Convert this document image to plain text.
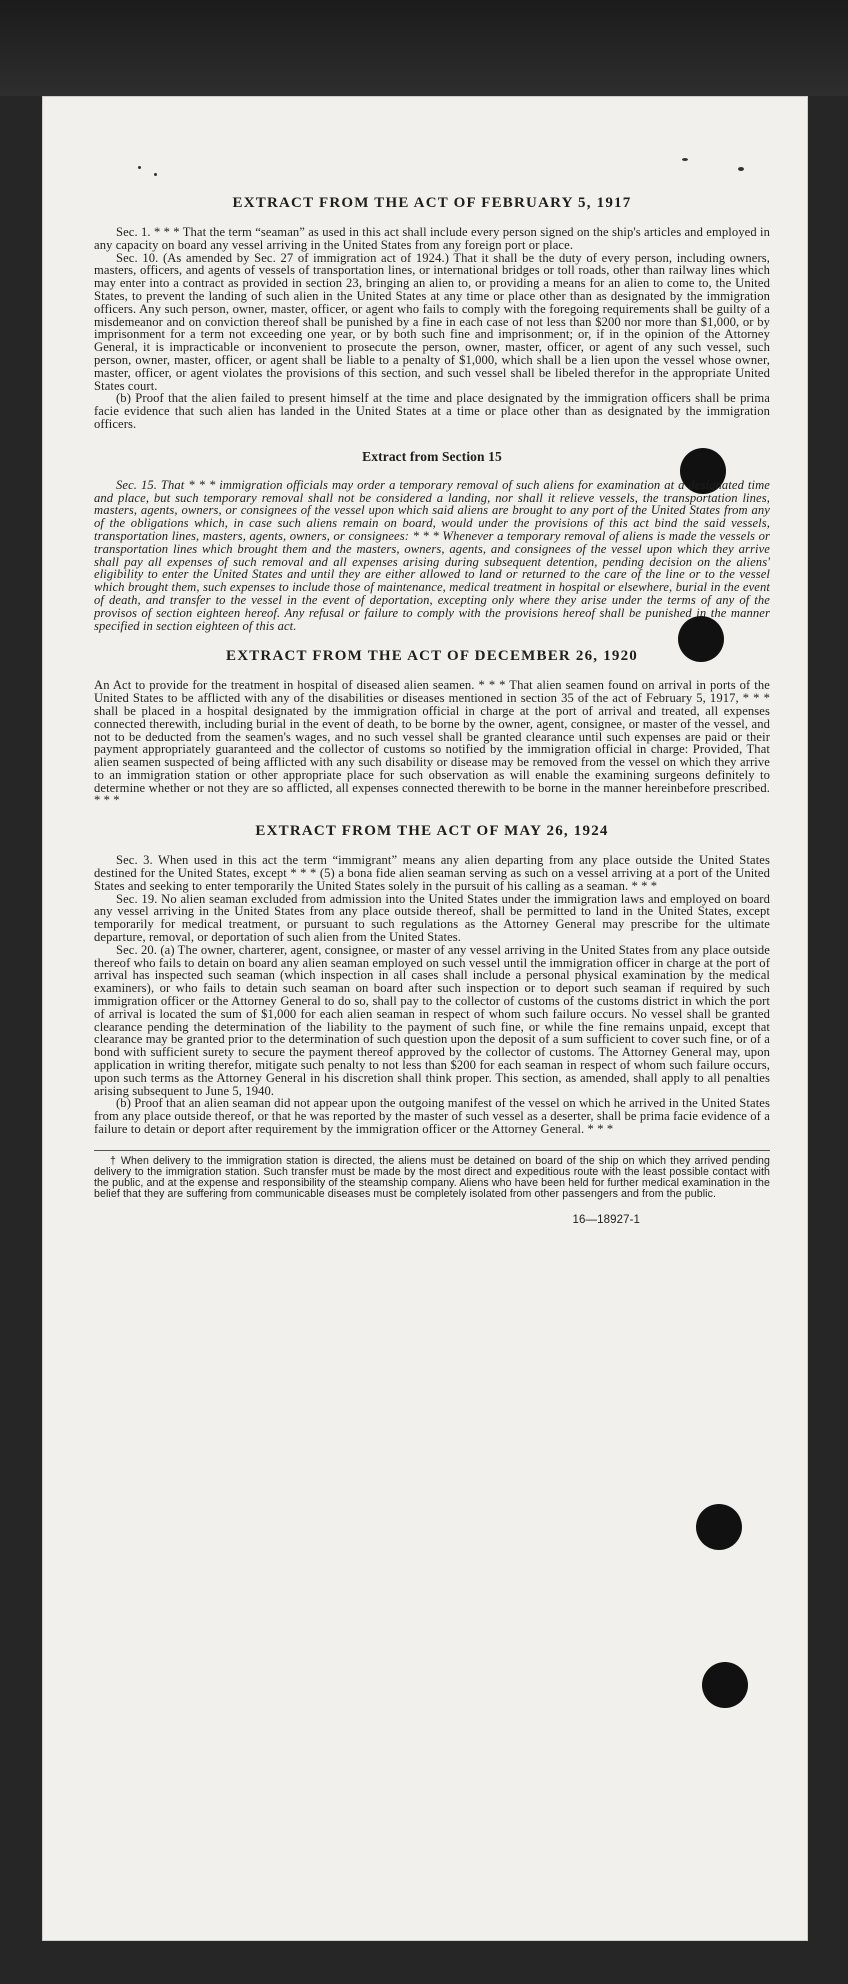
EXTRACT FROM THE ACT OF FEBRUARY 5, 1917

Sec. 1. * * * That the term “seaman” as used in this act shall include every person signed on the ship's articles and employed in any capacity on board any vessel arriving in the United States from any foreign port or place.

Sec. 10. (As amended by Sec. 27 of immigration act of 1924.) That it shall be the duty of every person, including owners, masters, officers, and agents of vessels of transportation lines, or international bridges or toll roads, other than railway lines which may enter into a contract as provided in section 23, bringing an alien to, or providing a means for an alien to come to, the United States, to prevent the landing of such alien in the United States at any time or place other than as designated by the immigration officers. Any such person, owner, master, officer, or agent who fails to comply with the foregoing requirements shall be guilty of a misdemeanor and on conviction thereof shall be punished by a fine in each case of not less than $200 nor more than $1,000, or by imprisonment for a term not exceeding one year, or by both such fine and imprisonment; or, if in the opinion of the Attorney General, it is impracticable or inconvenient to prosecute the person, owner, master, officer, or agent of any such vessel, such person, owner, master, officer, or agent shall be liable to a penalty of $1,000, which shall be a lien upon the vessel whose owner, master, officer, or agent violates the provisions of this section, and such vessel shall be libeled therefor in the appropriate United States court.

(b) Proof that the alien failed to present himself at the time and place designated by the immigration officers shall be prima facie evidence that such alien has landed in the United States at a time or place other than as designated by the immigration officers.

Extract from Section 15

Sec. 15. That * * * immigration officials may order a temporary removal of such aliens for examination at a designated time and place, but such temporary removal shall not be considered a landing, nor shall it relieve vessels, the transportation lines, masters, agents, owners, or consignees of the vessel upon which said aliens are brought to any port of the United States from any of the obligations which, in case such aliens remain on board, would under the provisions of this act bind the said vessels, transportation lines, masters, agents, owners, or consignees: * * * Whenever a temporary removal of aliens is made the vessels or transportation lines which brought them and the masters, owners, agents, and consignees of the vessel upon which they arrive shall pay all expenses of such removal and all expenses arising during subsequent detention, pending decision on the aliens' eligibility to enter the United States and until they are either allowed to land or returned to the care of the line or to the vessel which brought them, such expenses to include those of maintenance, medical treatment in hospital or elsewhere, burial in the event of death, and transfer to the vessel in the event of deportation, excepting only where they arise under the terms of any of the provisos of section eighteen hereof. Any refusal or failure to comply with the provisions hereof shall be punished in the manner specified in section eighteen of this act.

EXTRACT FROM THE ACT OF DECEMBER 26, 1920

An Act to provide for the treatment in hospital of diseased alien seamen. * * * That alien seamen found on arrival in ports of the United States to be afflicted with any of the disabilities or diseases mentioned in section 35 of the act of February 5, 1917, * * * shall be placed in a hospital designated by the immigration official in charge at the port of arrival and treated, all expenses connected therewith, including burial in the event of death, to be borne by the owner, agent, consignee, or master of the vessel, and not to be deducted from the seamen's wages, and no such vessel shall be granted clearance until such expenses are paid or their payment appropriately guaranteed and the collector of customs so notified by the immigration official in charge: Provided, That alien seamen suspected of being afflicted with any such disability or disease may be removed from the vessel on which they arrive to an immigration station or other appropriate place for such observation as will enable the examining surgeons definitely to determine whether or not they are so afflicted, all expenses connected therewith to be borne in the manner hereinbefore prescribed. * * *

EXTRACT FROM THE ACT OF MAY 26, 1924

Sec. 3. When used in this act the term “immigrant” means any alien departing from any place outside the United States destined for the United States, except * * * (5) a bona fide alien seaman serving as such on a vessel arriving at a port of the United States and seeking to enter temporarily the United States solely in the pursuit of his calling as a seaman. * * *

Sec. 19. No alien seaman excluded from admission into the United States under the immigration laws and employed on board any vessel arriving in the United States from any place outside thereof, shall be permitted to land in the United States, except temporarily for medical treatment, or pursuant to such regulations as the Attorney General may prescribe for the ultimate departure, removal, or deportation of such alien from the United States.

Sec. 20. (a) The owner, charterer, agent, consignee, or master of any vessel arriving in the United States from any place outside thereof who fails to detain on board any alien seaman employed on such vessel until the immigration officer in charge at the port of arrival has inspected such seaman (which inspection in all cases shall include a personal physical examination by the medical examiners), or who fails to detain such seaman on board after such inspection or to deport such seaman if required by such immigration officer or the Attorney General to do so, shall pay to the collector of customs of the customs district in which the port of arrival is located the sum of $1,000 for each alien seaman in respect of whom such failure occurs. No vessel shall be granted clearance pending the determination of the liability to the payment of such fine, or while the fine remains unpaid, except that clearance may be granted prior to the determination of such question upon the deposit of a sum sufficient to cover such fine, or of a bond with sufficient surety to secure the payment thereof approved by the collector of customs. The Attorney General may, upon application in writing therefor, mitigate such penalty to not less than $200 for each seaman in respect of whom such failure occurs, upon such terms as the Attorney General in his discretion shall think proper. This section, as amended, shall apply to all penalties arising subsequent to June 5, 1940.

(b) Proof that an alien seaman did not appear upon the outgoing manifest of the vessel on which he arrived in the United States from any place outside thereof, or that he was reported by the master of such vessel as a deserter, shall be prima facie evidence of a failure to detain or deport after requirement by the immigration officer or the Attorney General. * * *

† When delivery to the immigration station is directed, the aliens must be detained on board of the ship on which they arrived pending delivery to the immigration station. Such transfer must be made by the most direct and expeditious route with the least possible contact with the public, and at the expense and responsibility of the steamship company. Aliens who have been held for further medical examination in the belief that they are suffering from communicable diseases must be completely isolated from other passengers and from the public.

16—18927-1
